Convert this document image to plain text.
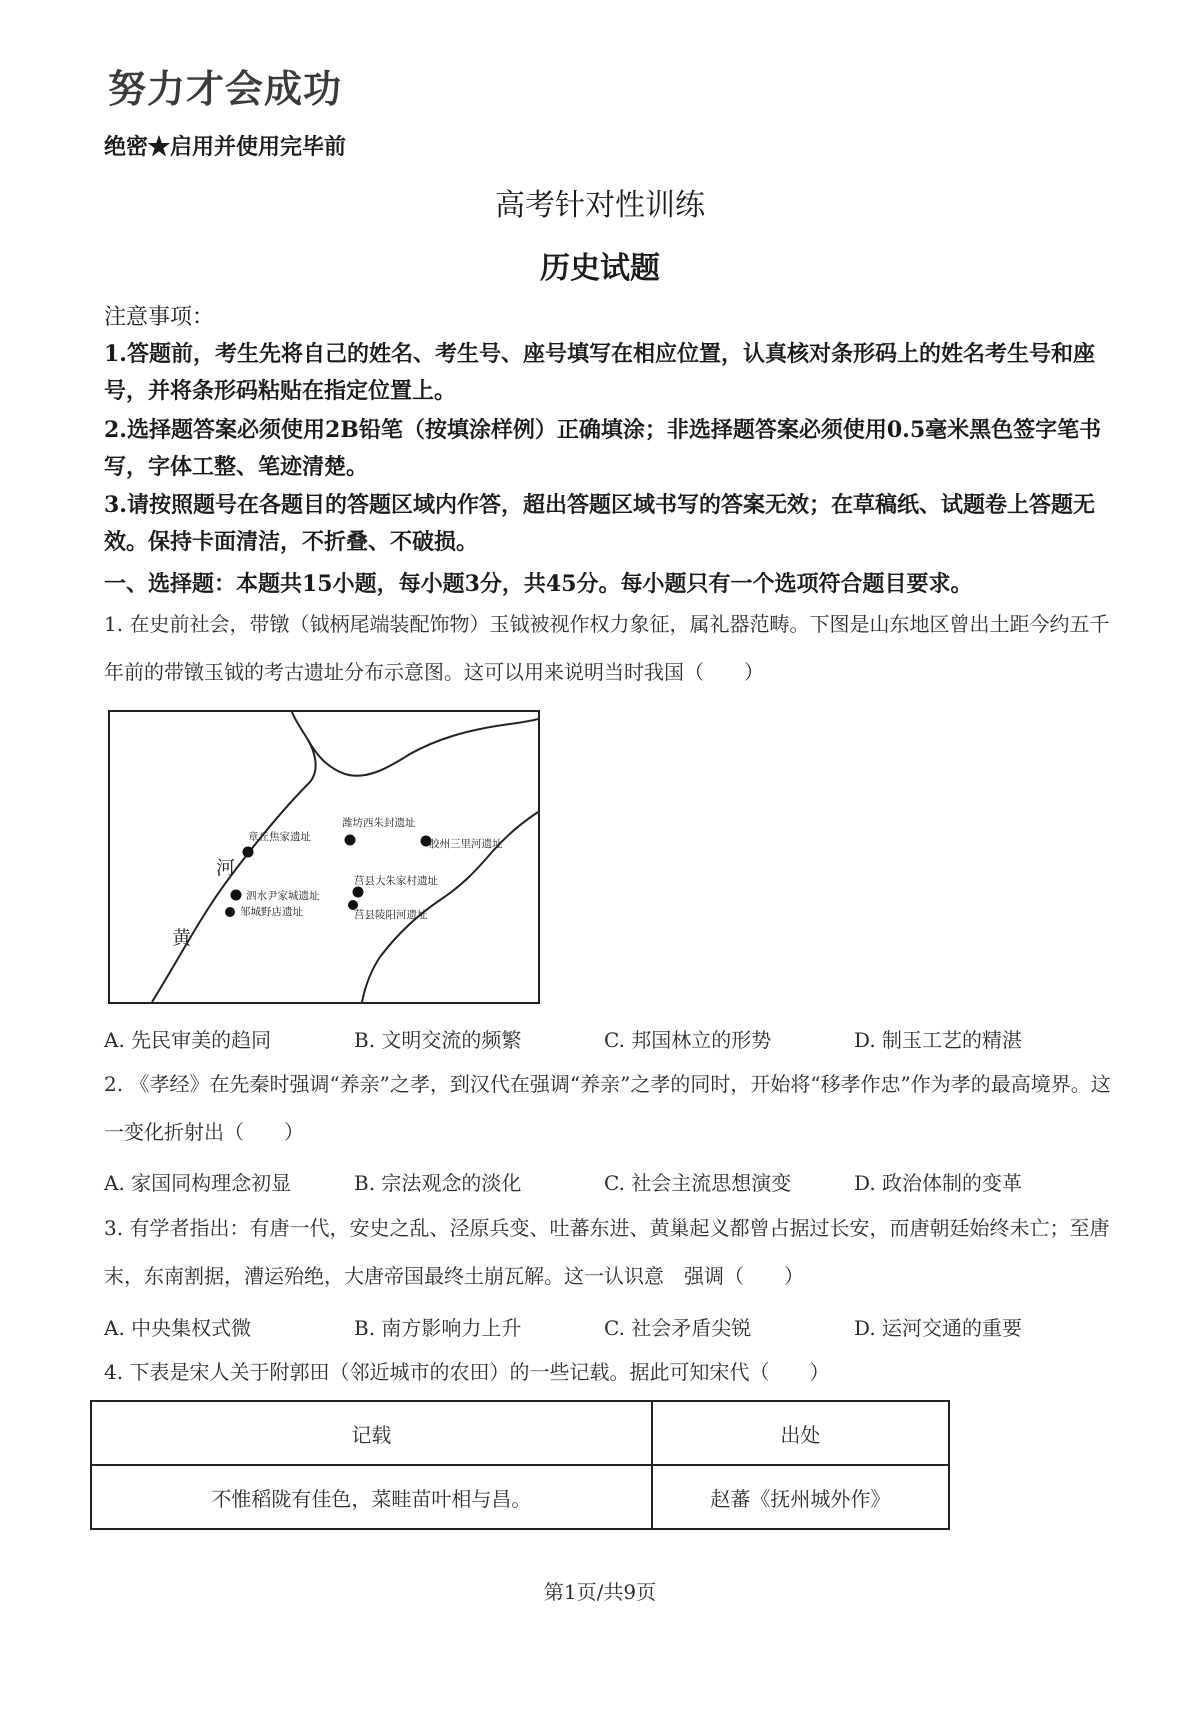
努力才会成功
绝密★启用并使用完毕前
高考针对性训练
历史试题
注意事项：
1.答题前，考生先将自己的姓名、考生号、座号填写在相应位置，认真核对条形码上的姓名考生号和座号，并将条形码粘贴在指定位置上。
2.选择题答案必须使用2B铅笔（按填涂样例）正确填涂；非选择题答案必须使用0.5毫米黑色签字笔书写，字体工整、笔迹清楚。
3.请按照题号在各题目的答题区域内作答，超出答题区域书写的答案无效；在草稿纸、试题卷上答题无效。保持卡面清洁，不折叠、不破损。
一、选择题：本题共15小题，每小题3分，共45分。每小题只有一个选项符合题目要求。
1. 在史前社会，带镦（钺柄尾端装配饰物）玉钺被视作权力象征，属礼器范畴。下图是山东地区曾出土距今约五千年前的带镦玉钺的考古遗址分布示意图。这可以用来说明当时我国（　　）
章丘焦家遗址
潍坊西朱封遗址
胶州三里河遗址
泗水尹家城遗址
邹城野店遗址
莒县大朱家村遗址
莒县陵阳河遗址
河
黄
A. 先民审美的趋同	B. 文明交流的频繁	C. 邦国林立的形势	D. 制玉工艺的精湛
2. 《孝经》在先秦时强调“养亲”之孝，到汉代在强调“养亲”之孝的同时，开始将“移孝作忠”作为孝的最高境界。这一变化折射出（　　）
A. 家国同构理念初显	B. 宗法观念的淡化	C. 社会主流思想演变	D. 政治体制的变革
3. 有学者指出：有唐一代，安史之乱、泾原兵变、吐蕃东进、黄巢起义都曾占据过长安，而唐朝廷始终未亡；至唐末，东南割据，漕运殆绝，大唐帝国最终土崩瓦解。这一认识意　强调（　　）
A. 中央集权式微	B. 南方影响力上升	C. 社会矛盾尖锐	D. 运河交通的重要
4. 下表是宋人关于附郭田（邻近城市的农田）的一些记载。据此可知宋代（　　）
记载	出处
不惟稻陇有佳色，菜畦苗叶相与昌。	赵蕃《抚州城外作》
第1页/共9页
